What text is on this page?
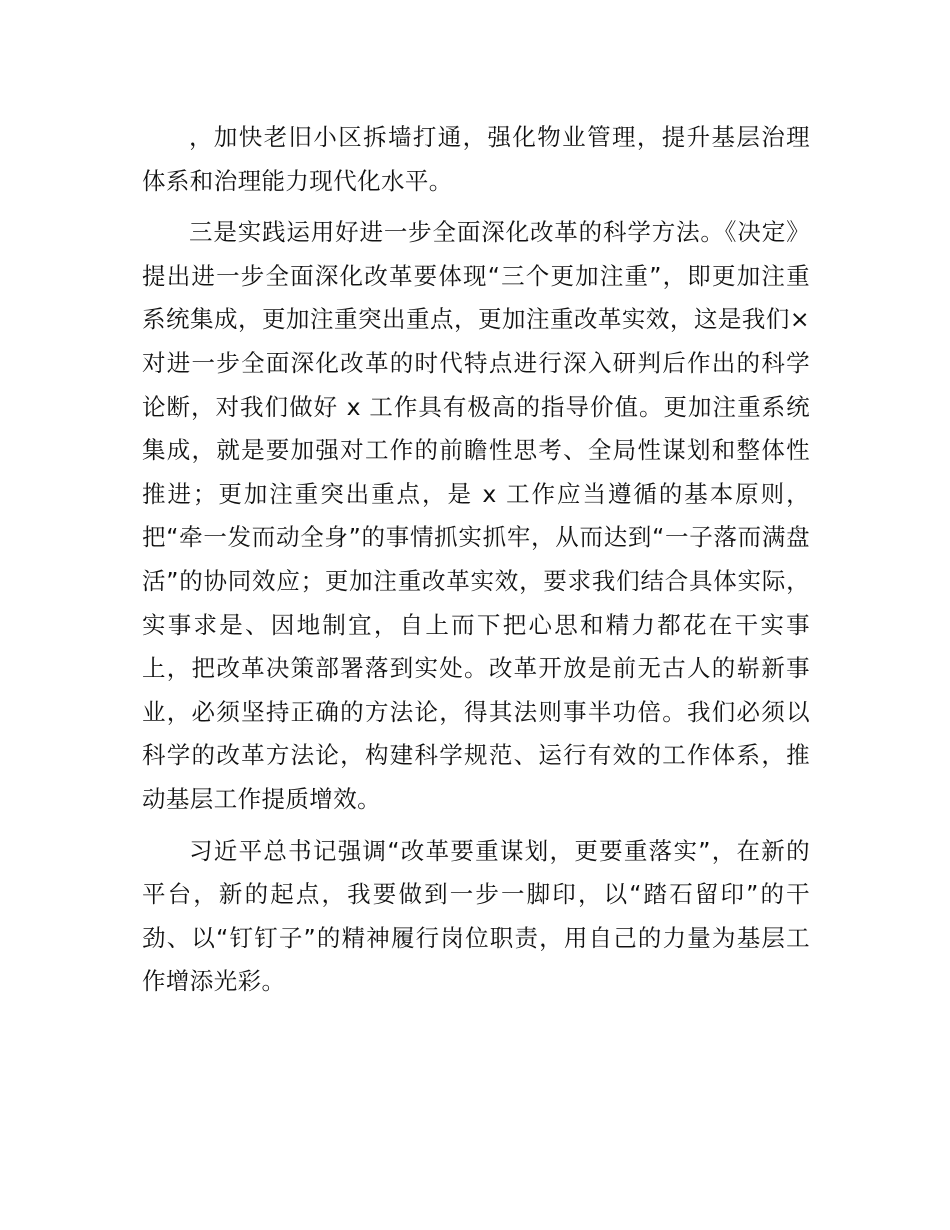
，加快老旧小区拆墙打通，强化物业管理，提升基层治理体系和治理能力现代化水平。

三是实践运用好进一步全面深化改革的科学方法。《决定》提出进一步全面深化改革要体现“三个更加注重”，即更加注重系统集成，更加注重突出重点，更加注重改革实效，这是我们×对进一步全面深化改革的时代特点进行深入研判后作出的科学论断，对我们做好 x 工作具有极高的指导价值。更加注重系统集成，就是要加强对工作的前瞻性思考、全局性谋划和整体性推进；更加注重突出重点，是 x 工作应当遵循的基本原则，把“牵一发而动全身”的事情抓实抓牢，从而达到“一子落而满盘活”的协同效应；更加注重改革实效，要求我们结合具体实际，实事求是、因地制宜，自上而下把心思和精力都花在干实事上，把改革决策部署落到实处。改革开放是前无古人的崭新事业，必须坚持正确的方法论，得其法则事半功倍。我们必须以科学的改革方法论，构建科学规范、运行有效的工作体系，推动基层工作提质增效。

习近平总书记强调“改革要重谋划，更要重落实”，在新的平台，新的起点，我要做到一步一脚印，以“踏石留印”的干劲、以“钉钉子”的精神履行岗位职责，用自己的力量为基层工作增添光彩。
